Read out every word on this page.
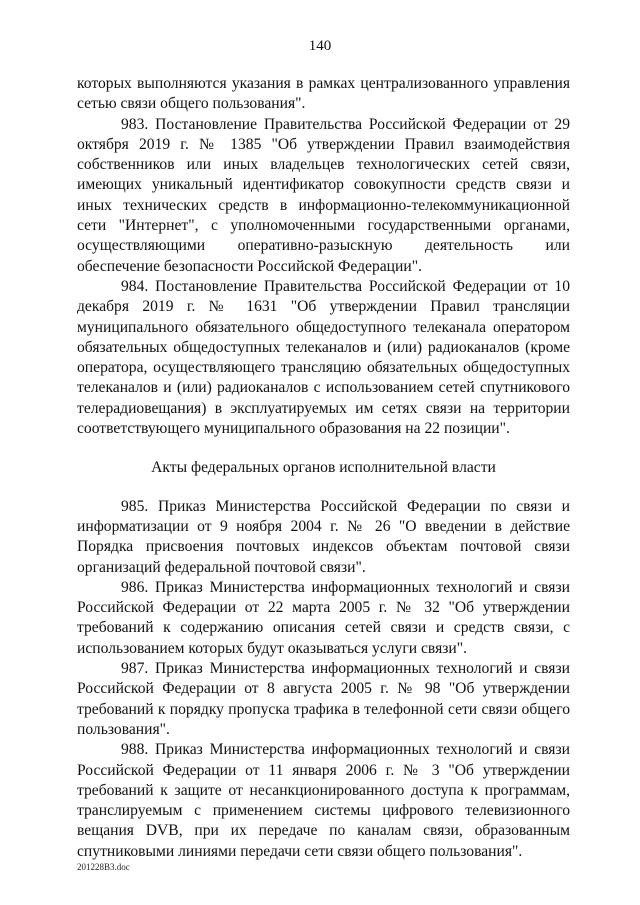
140
которых выполняются указания в рамках централизованного управления сетью связи общего пользования".
983. Постановление Правительства Российской Федерации от 29 октября 2019 г. № 1385 "Об утверждении Правил взаимодействия собственников или иных владельцев технологических сетей связи, имеющих уникальный идентификатор совокупности средств связи и иных технических средств в информационно-телекоммуникационной сети "Интернет", с уполномоченными государственными органами, осуществляющими оперативно-разыскную деятельность или обеспечение безопасности Российской Федерации".
984. Постановление Правительства Российской Федерации от 10 декабря 2019 г. № 1631 "Об утверждении Правил трансляции муниципального обязательного общедоступного телеканала оператором обязательных общедоступных телеканалов и (или) радиоканалов (кроме оператора, осуществляющего трансляцию обязательных общедоступных телеканалов и (или) радиоканалов с использованием сетей спутникового телерадиовещания) в эксплуатируемых им сетях связи на территории соответствующего муниципального образования на 22 позиции".
Акты федеральных органов исполнительной власти
985. Приказ Министерства Российской Федерации по связи и информатизации от 9 ноября 2004 г. № 26 "О введении в действие Порядка присвоения почтовых индексов объектам почтовой связи организаций федеральной почтовой связи".
986. Приказ Министерства информационных технологий и связи Российской Федерации от 22 марта 2005 г. № 32 "Об утверждении требований к содержанию описания сетей связи и средств связи, с использованием которых будут оказываться услуги связи".
987. Приказ Министерства информационных технологий и связи Российской Федерации от 8 августа 2005 г. № 98 "Об утверждении требований к порядку пропуска трафика в телефонной сети связи общего пользования".
988. Приказ Министерства информационных технологий и связи Российской Федерации от 11 января 2006 г. № 3 "Об утверждении требований к защите от несанкционированного доступа к программам, транслируемым с применением системы цифрового телевизионного вещания DVB, при их передаче по каналам связи, образованным спутниковыми линиями передачи сети связи общего пользования".
201228B3.doc
